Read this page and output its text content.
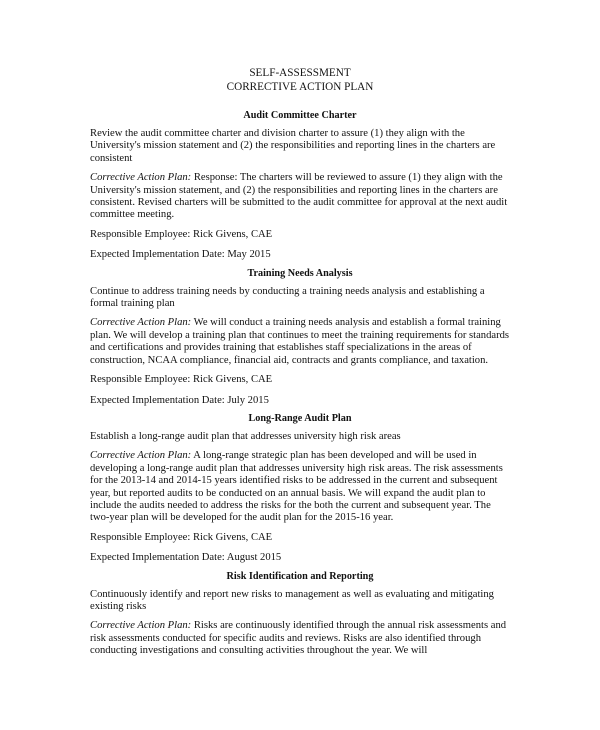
SELF-ASSESSMENT

CORRECTIVE ACTION PLAN

Audit Committee Charter

Review the audit committee charter and division charter to assure (1) they align with the University's mission statement and (2) the responsibilities and reporting lines in the charters are consistent

Corrective Action Plan: Response: The charters will be reviewed to assure (1) they align with the University's mission statement, and (2) the responsibilities and reporting lines in the charters are consistent. Revised charters will be submitted to the audit committee for approval at the next audit committee meeting.

Responsible Employee: Rick Givens, CAE

Expected Implementation Date: May 2015

Training Needs Analysis

Continue to address training needs by conducting a training needs analysis and establishing a formal training plan

Corrective Action Plan: We will conduct a training needs analysis and establish a formal training plan. We will develop a training plan that continues to meet the training requirements for standards and certifications and provides training that establishes staff specializations in the areas of construction, NCAA compliance, financial aid, contracts and grants compliance, and taxation.

Responsible Employee: Rick Givens, CAE

Expected Implementation Date: July 2015

Long-Range Audit Plan

Establish a long-range audit plan that addresses university high risk areas

Corrective Action Plan: A long-range strategic plan has been developed and will be used in developing a long-range audit plan that addresses university high risk areas. The risk assessments for the 2013-14 and 2014-15 years identified risks to be addressed in the current and subsequent year, but reported audits to be conducted on an annual basis. We will expand the audit plan to include the audits needed to address the risks for the both the current and subsequent year. The two-year plan will be developed for the audit plan for the 2015-16 year.

Responsible Employee: Rick Givens, CAE

Expected Implementation Date: August 2015

Risk Identification and Reporting

Continuously identify and report new risks to management as well as evaluating and mitigating existing risks

Corrective Action Plan: Risks are continuously identified through the annual risk assessments and risk assessments conducted for specific audits and reviews. Risks are also identified through conducting investigations and consulting activities throughout the year. We will
